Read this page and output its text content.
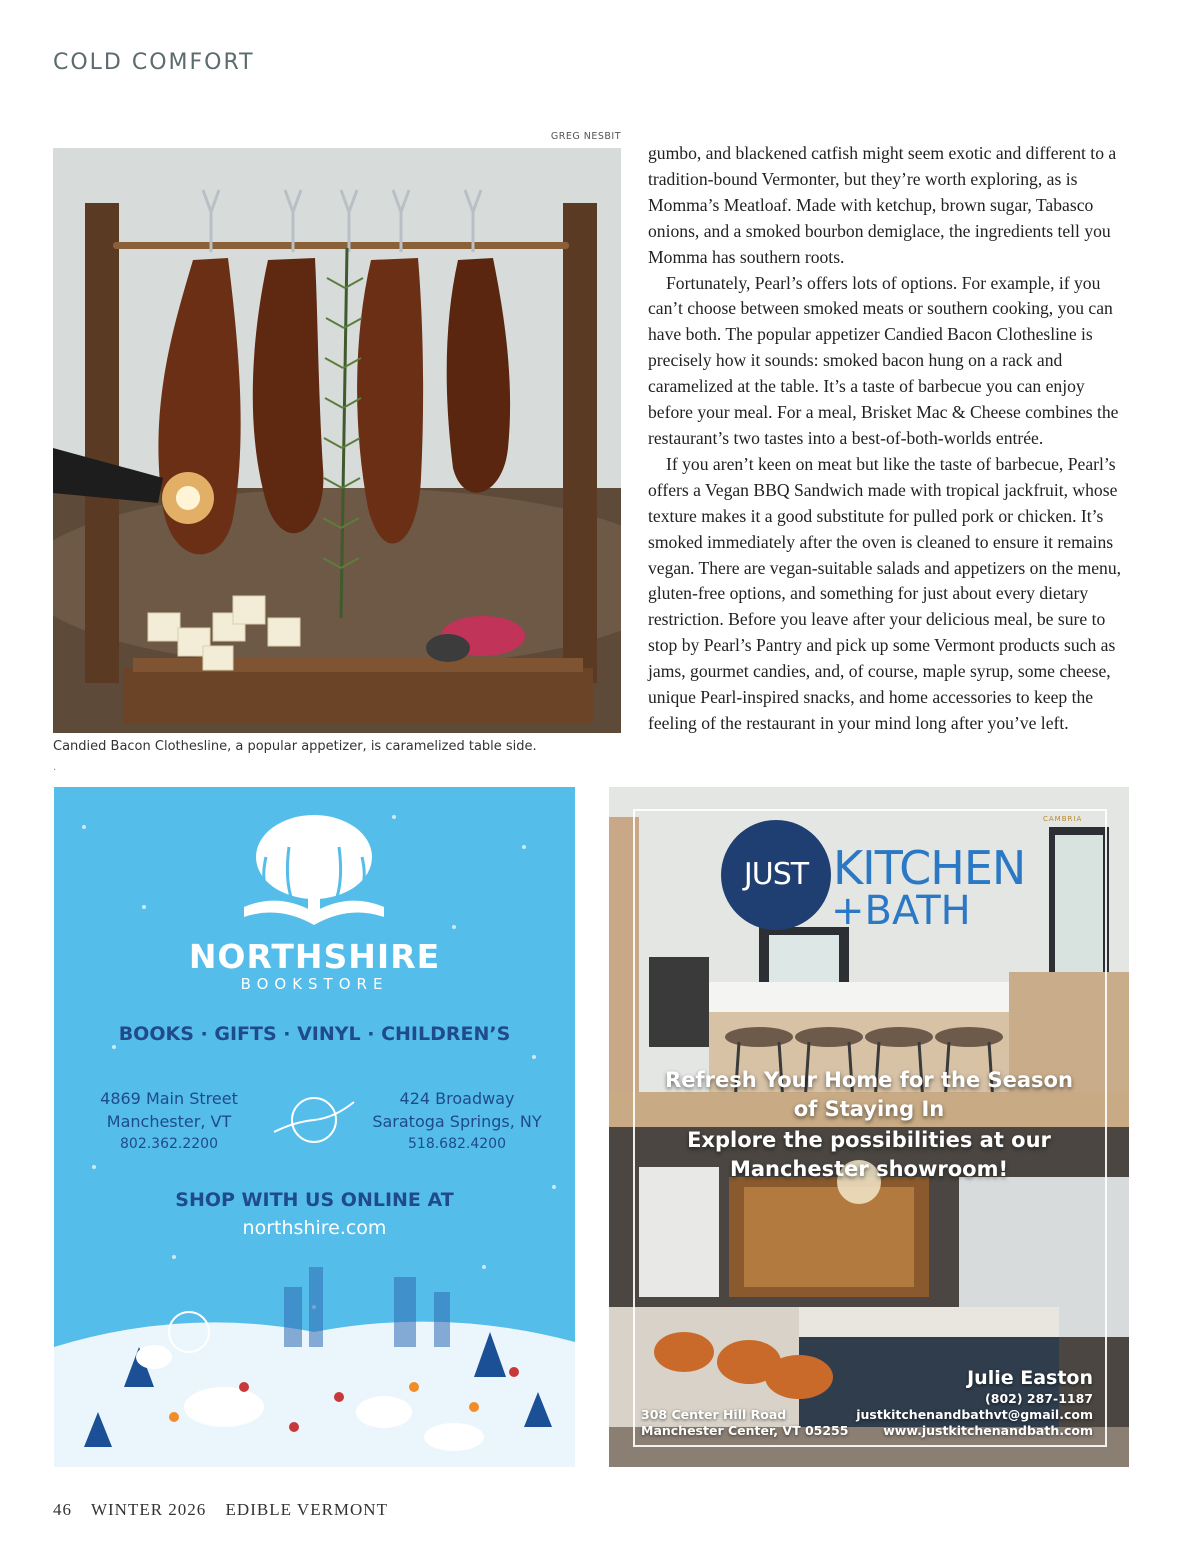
COLD COMFORT
GREG NESBIT
Candied Bacon Clothesline, a popular appetizer, is caramelized table side.
.

gumbo, and blackened catfish might seem exotic and different to a tradition-bound Vermonter, but they’re worth exploring, as is Momma’s Meatloaf. Made with ketchup, brown sugar, Tabasco onions, and a smoked bourbon demiglace, the ingredients tell you Momma has southern roots.

Fortunately, Pearl’s offers lots of options. For example, if you can’t choose between smoked meats or southern cooking, you can have both. The popular appetizer Candied Bacon Clothesline is precisely how it sounds: smoked bacon hung on a rack and caramelized at the table. It’s a taste of barbecue you can enjoy before your meal. For a meal, Brisket Mac & Cheese combines the restaurant’s two tastes into a best-of-both-worlds entrée.

If you aren’t keen on meat but like the taste of barbecue, Pearl’s offers a Vegan BBQ Sandwich made with tropical jackfruit, whose texture makes it a good substitute for pulled pork or chicken. It’s smoked immediately after the oven is cleaned to ensure it remains vegan. There are vegan-suitable salads and appetizers on the menu, gluten-free options, and something for just about every dietary restriction. Before you leave after your delicious meal, be sure to stop by Pearl’s Pantry and pick up some Vermont products such as jams, gourmet candies, and, of course, maple syrup, some cheese, unique Pearl-inspired snacks, and home accessories to keep the feeling of the restaurant in your mind long after you’ve left.

NORTHSHIRE
BOOKSTORE
BOOKS · GIFTS · VINYL · CHILDREN’S
4869 Main Street
Manchester, VT
802.362.2200
424 Broadway
Saratoga Springs, NY
518.682.4200
SHOP WITH US ONLINE AT
northshire.com
CAMBRIA
JUST KITCHEN
+BATH
Refresh Your Home for the Season
of Staying In
Explore the possibilities at our
Manchester showroom!
Julie Easton
(802) 287-1187
justkitchenandbathvt@gmail.com
www.justkitchenandbath.com
308 Center Hill Road
Manchester Center, VT 05255
46 WINTER 2026 EDIBLE VERMONT
